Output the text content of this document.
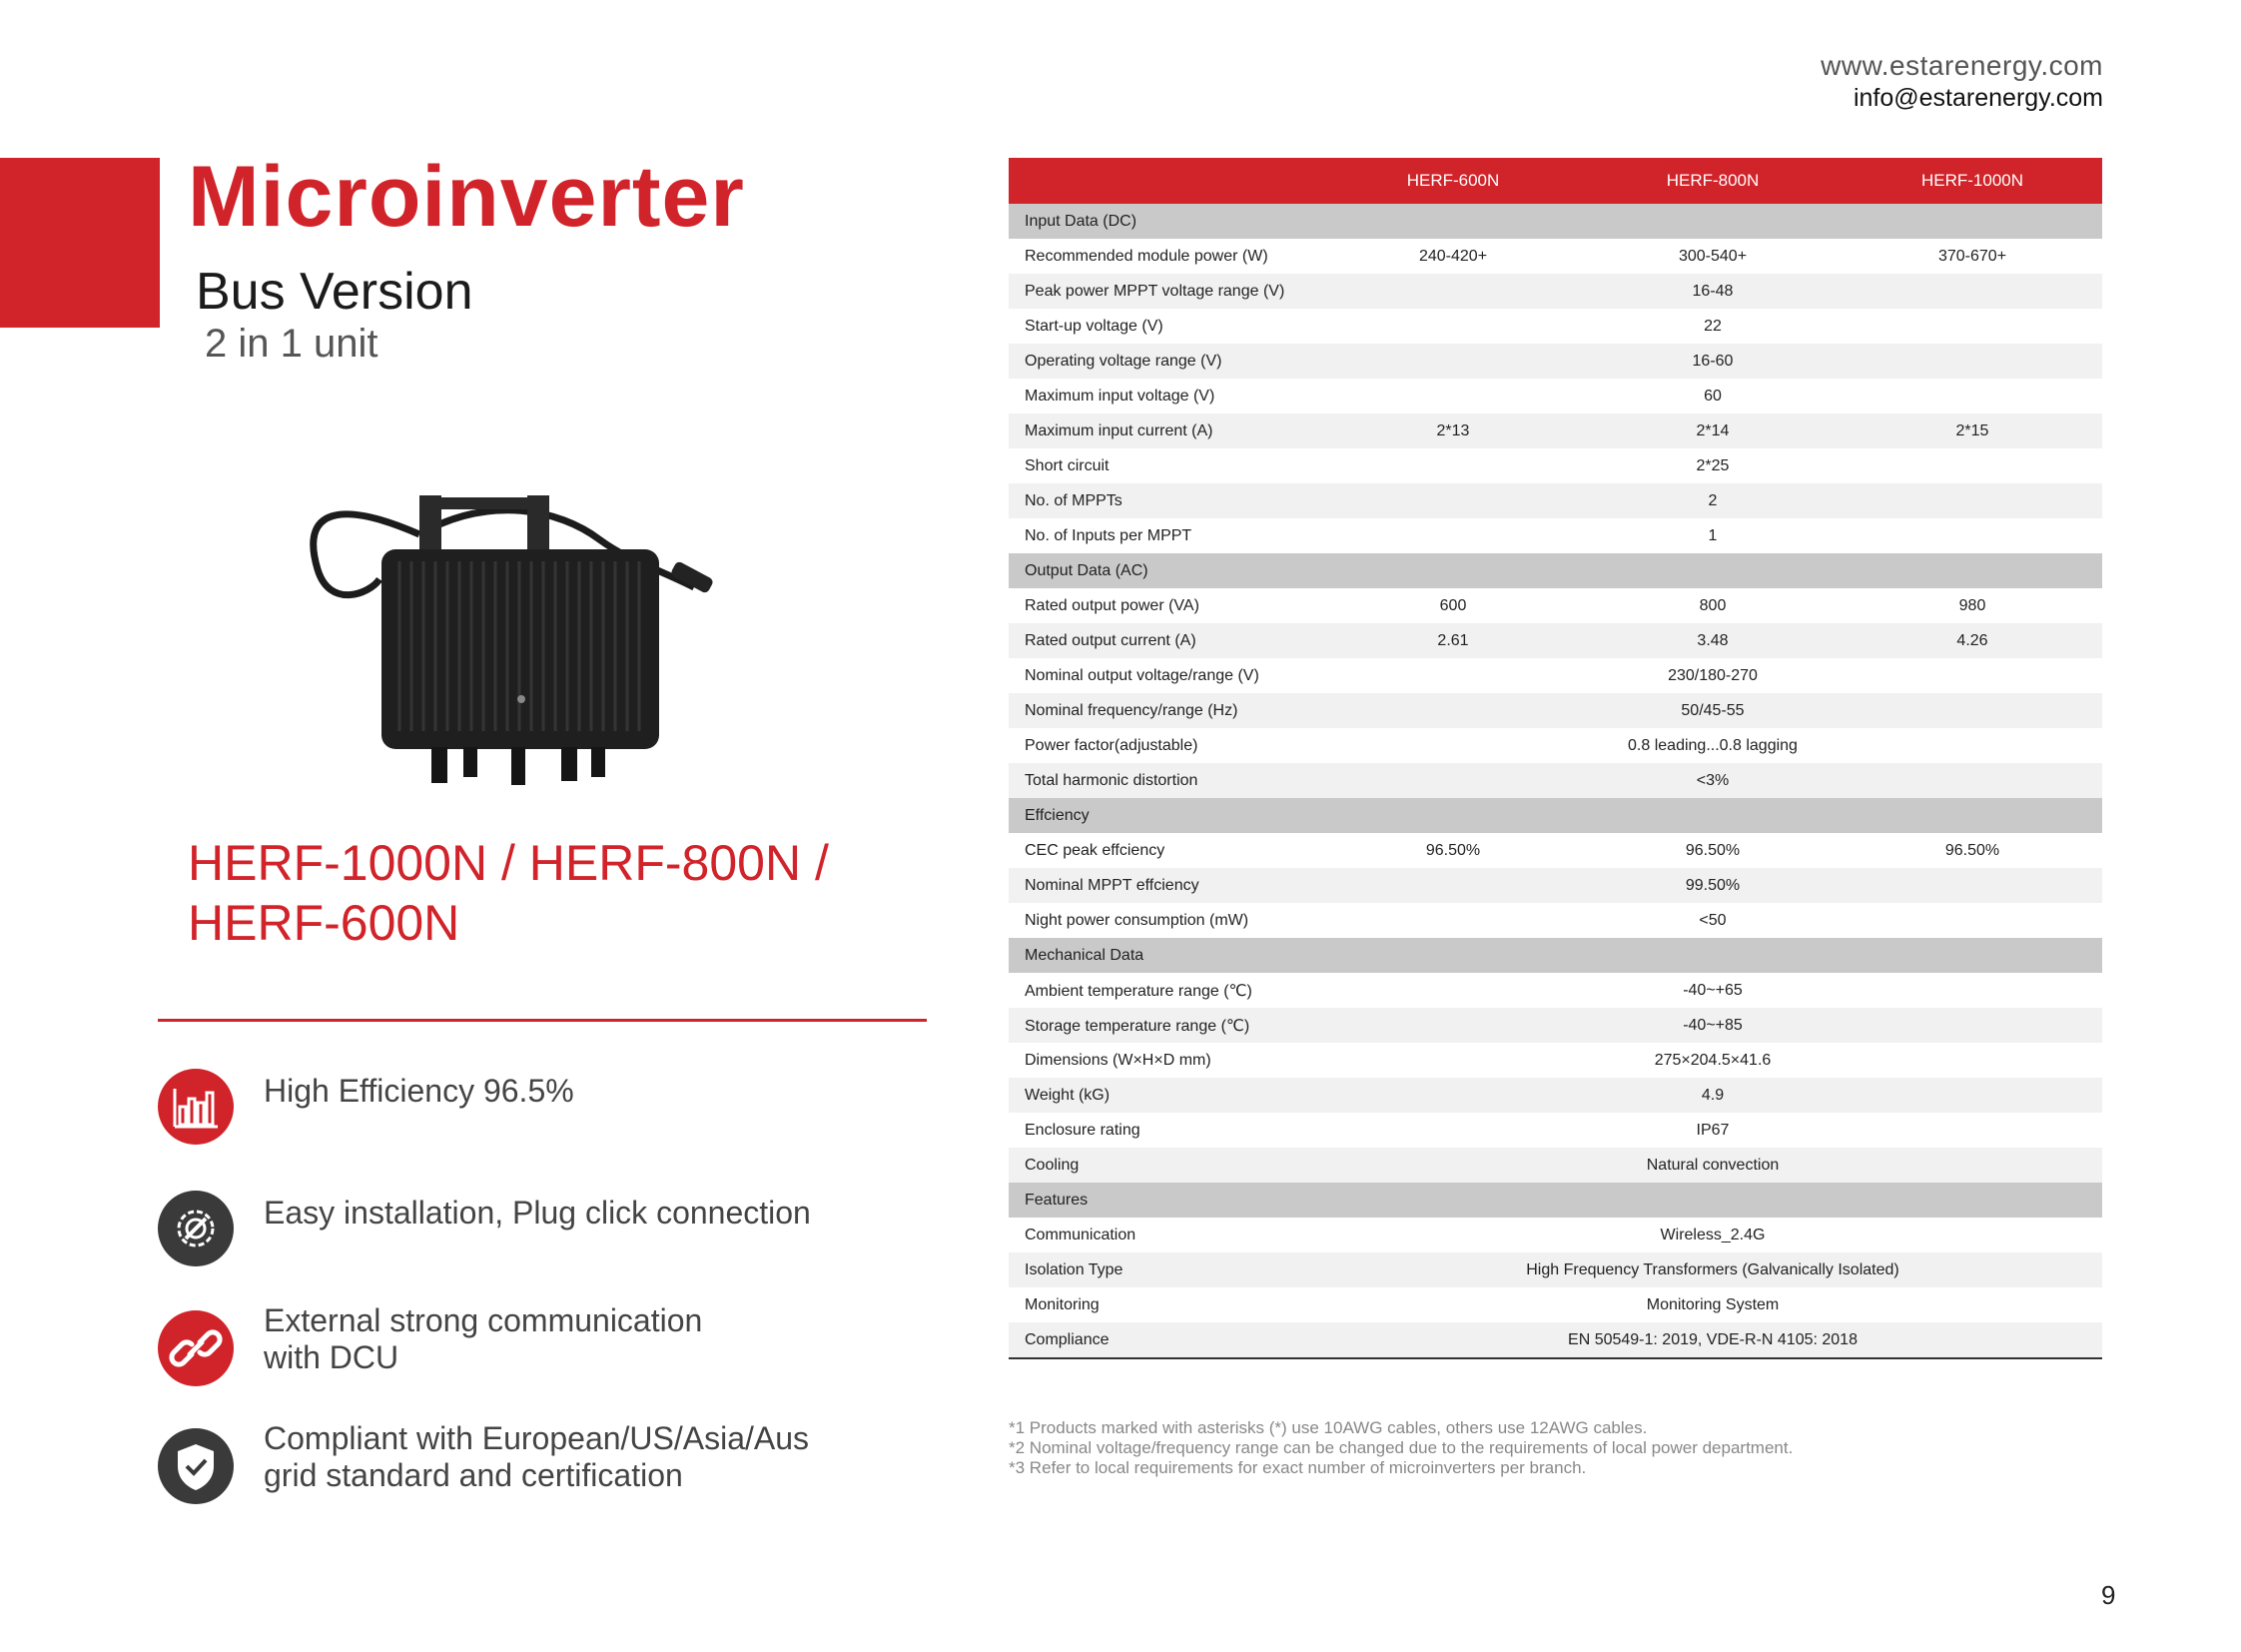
www.estarenergy.com
info@estarenergy.com
Microinverter
Bus Version
2 in 1 unit
HERF-1000N / HERF-800N / HERF-600N
High Efficiency 96.5%
Easy installation, Plug click connection
External strong communication
with DCU
Compliant with European/US/Asia/Aus
grid standard and certification
	HERF-600N	HERF-800N	HERF-1000N
Input Data (DC)			
Recommended module power (W)	240-420+	300-540+	370-670+
Peak power MPPT voltage range (V)	16-48		
Start-up voltage (V)	22		
Operating voltage range (V)	16-60		
Maximum input voltage (V)	60		
Maximum input current (A)	2*13	2*14	2*15
Short circuit	2*25		
No. of MPPTs	2		
No. of Inputs per MPPT	1		
Output Data (AC)			
Rated output power (VA)	600	800	980
Rated output current (A)	2.61	3.48	4.26
Nominal output voltage/range (V)	230/180-270		
Nominal frequency/range (Hz)	50/45-55		
Power factor(adjustable)	0.8 leading...0.8 lagging		
Total harmonic distortion	<3%		
Effciency			
CEC peak effciency	96.50%	96.50%	96.50%
Nominal MPPT effciency	99.50%		
Night power consumption (mW)	<50		
Mechanical Data			
Ambient temperature range (℃)	-40~+65		
Storage temperature range (℃)	-40~+85		
Dimensions (W×H×D mm)	275×204.5×41.6		
Weight (kG)	4.9		
Enclosure rating	IP67		
Cooling	Natural convection		
Features			
Communication	Wireless_2.4G		
Isolation Type	High Frequency Transformers (Galvanically Isolated)		
Monitoring	Monitoring System		
Compliance	EN 50549-1: 2019, VDE-R-N 4105: 2018		
*1 Products marked with asterisks (*) use 10AWG cables, others use 12AWG cables.
*2 Nominal voltage/frequency range can be changed due to the requirements of local power department.
*3 Refer to local requirements for exact number of microinverters per branch.
9
